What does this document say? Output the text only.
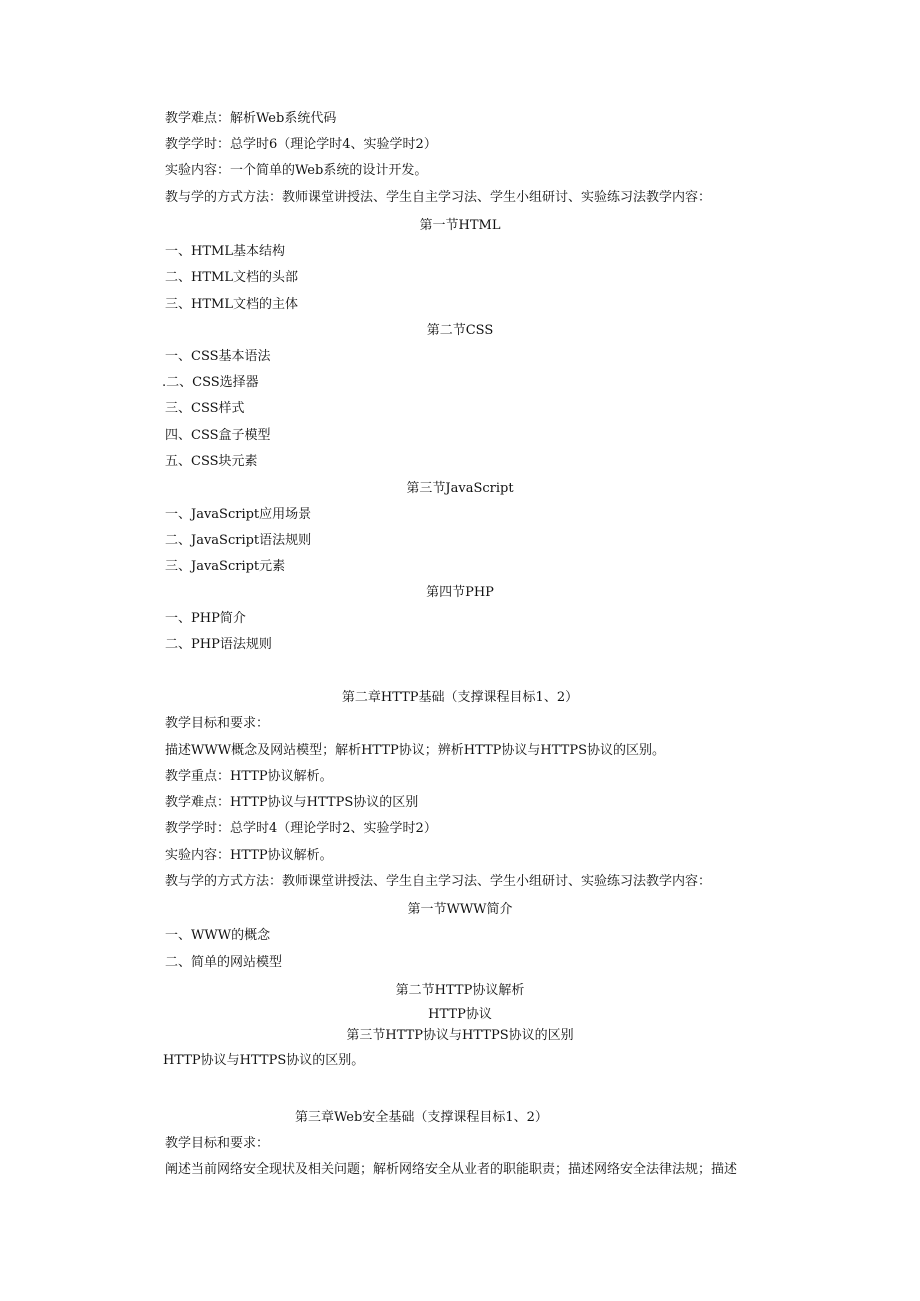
教学难点：解析Web系统代码
教学学时：总学时6（理论学时4、实验学时2）
实验内容：一个简单的Web系统的设计开发。
教与学的方式方法：教师课堂讲授法、学生自主学习法、学生小组研讨、实验练习法教学内容：
第一节HTML
一、HTML基本结构
二、HTML文档的头部
三、HTML文档的主体
第二节CSS
一、CSS基本语法
.二、CSS选择器
三、CSS样式
四、CSS盒子模型
五、CSS块元素
第三节JavaScript
一、JavaScript应用场景
二、JavaScript语法规则
三、JavaScript元素
第四节PHP
一、PHP简介
二、PHP语法规则
第二章HTTP基础（支撑课程目标1、2）
教学目标和要求：
描述WWW概念及网站模型；解析HTTP协议；辨析HTTP协议与HTTPS协议的区别。
教学重点：HTTP协议解析。
教学难点：HTTP协议与HTTPS协议的区别
教学学时：总学时4（理论学时2、实验学时2）
实验内容：HTTP协议解析。
教与学的方式方法：教师课堂讲授法、学生自主学习法、学生小组研讨、实验练习法教学内容：
第一节WWW简介
一、WWW的概念
二、简单的网站模型
第二节HTTP协议解析
HTTP协议
第三节HTTP协议与HTTPS协议的区别
HTTP协议与HTTPS协议的区别。
第三章Web安全基础（支撑课程目标1、2）
教学目标和要求：
阐述当前网络安全现状及相关问题；解析网络安全从业者的职能职责；描述网络安全法律法规；描述
